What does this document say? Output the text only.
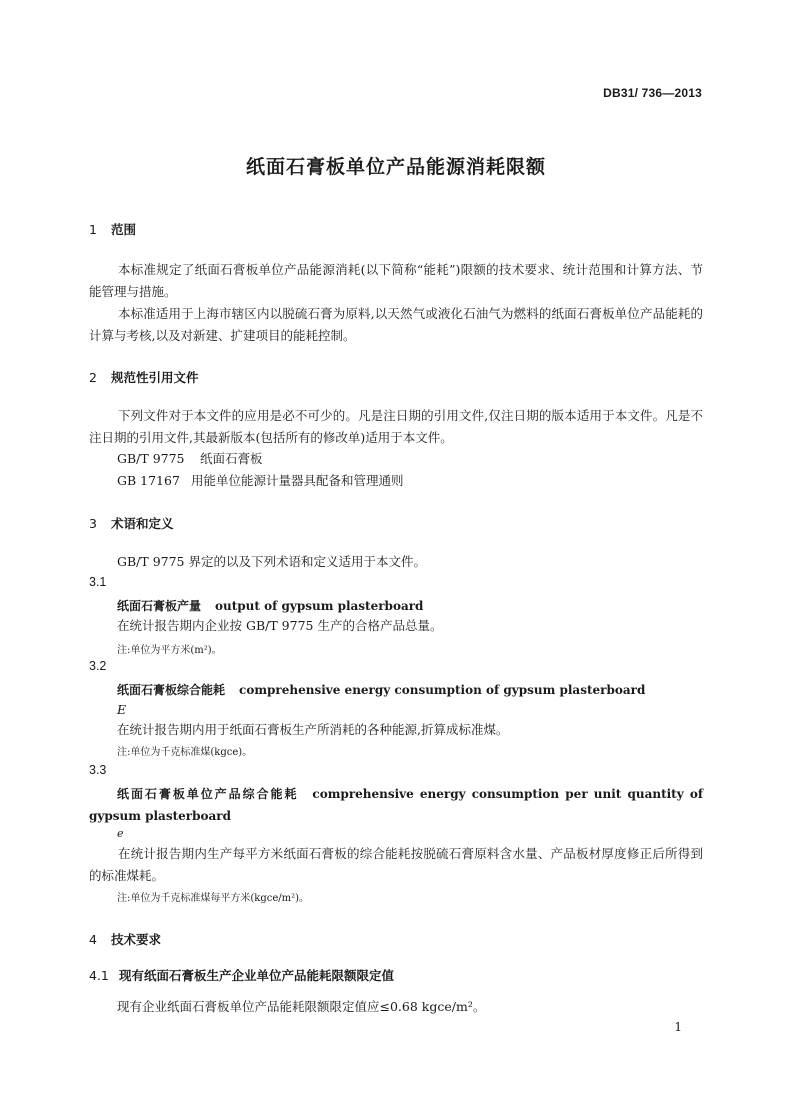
DB31/ 736—2013
纸面石膏板单位产品能源消耗限额
1 范围
本标准规定了纸面石膏板单位产品能源消耗(以下简称“能耗”)限额的技术要求、统计范围和计算方法、节能管理与措施。
本标准适用于上海市辖区内以脱硫石膏为原料,以天然气或液化石油气为燃料的纸面石膏板单位产品能耗的计算与考核,以及对新建、扩建项目的能耗控制。
2 规范性引用文件
下列文件对于本文件的应用是必不可少的。凡是注日期的引用文件,仅注日期的版本适用于本文件。凡是不注日期的引用文件,其最新版本(包括所有的修改单)适用于本文件。
GB/T 9775 纸面石膏板
GB 17167 用能单位能源计量器具配备和管理通则
3 术语和定义
GB/T 9775 界定的以及下列术语和定义适用于本文件。
3.1
纸面石膏板产量 output of gypsum plasterboard
在统计报告期内企业按 GB/T 9775 生产的合格产品总量。
注:单位为平方米(m²)。
3.2
纸面石膏板综合能耗 comprehensive energy consumption of gypsum plasterboard
E
在统计报告期内用于纸面石膏板生产所消耗的各种能源,折算成标准煤。
注:单位为千克标准煤(kgce)。
3.3
纸面石膏板单位产品综合能耗 comprehensive energy consumption per unit quantity of gypsum plasterboard
e
在统计报告期内生产每平方米纸面石膏板的综合能耗按脱硫石膏原料含水量、产品板材厚度修正后所得到的标准煤耗。
注:单位为千克标准煤每平方米(kgce/m²)。
4 技术要求
4.1 现有纸面石膏板生产企业单位产品能耗限额限定值
现有企业纸面石膏板单位产品能耗限额限定值应≤0.68 kgce/m²。
1
